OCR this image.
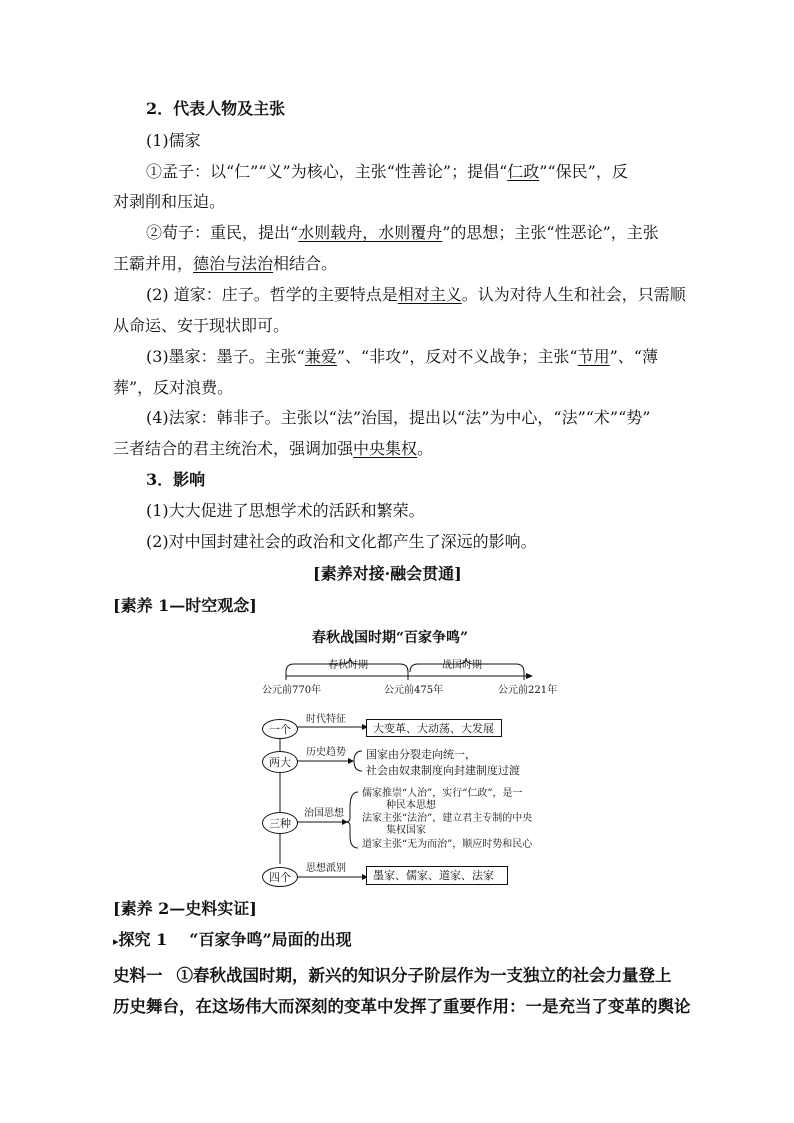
2．代表人物及主张
(1)儒家
①孟子：以“仁”“义”为核心，主张“性善论”；提倡“仁政”“保民”，反
对剥削和压迫。
②荀子：重民，提出“水则载舟，水则覆舟”的思想；主张“性恶论”，主张
王霸并用，德治与法治相结合。
(2) 道家：庄子。哲学的主要特点是相对主义。认为对待人生和社会，只需顺
从命运、安于现状即可。
(3)墨家：墨子。主张“兼爱”、“非攻”，反对不义战争；主张“节用”、“薄
葬”，反对浪费。
(4)法家：韩非子。主张以“法”治国，提出以“法”为中心，“法”“术”“势”
三者结合的君主统治术，强调加强中央集权。
3．影响
(1)大大促进了思想学术的活跃和繁荣。
(2)对中国封建社会的政治和文化都产生了深远的影响。
[素养对接·融会贯通]
[素养 1—时空观念]
春秋战国时期“百家争鸣”
春秋时期	战国时期
公元前770年	公元前475年	公元前221年
一个
两大
三种
四个
时代特征
历史趋势
治国思想
思想派别
大变革、大动荡、大发展
国家由分裂走向统一，
社会由奴隶制度向封建制度过渡
儒家推崇“人治”，实行“仁政”，是一
种民本思想
法家主张“法治”，建立君主专制的中央
集权国家
道家主张“无为而治”，顺应时势和民心
墨家、儒家、道家、法家
[素养 2—史料实证]
▸探究 1 “百家争鸣”局面的出现
史料一 ①春秋战国时期，新兴的知识分子阶层作为一支独立的社会力量登上
历史舞台，在这场伟大而深刻的变革中发挥了重要作用：一是充当了变革的舆论
